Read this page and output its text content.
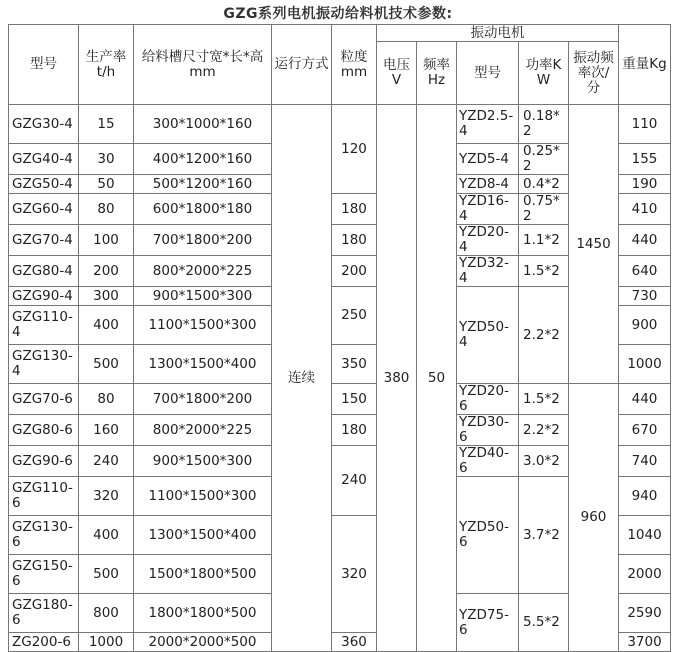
GZG系列电机振动给料机技术参数:
型号	生产率t/h	给料槽尺寸宽*长*高mm	运行方式	粒度mm	振动电机					重量Kg
					电压V	频率Hz	型号	功率KW	振动频率次/分	
GZG30-4	15	300*1000*160	连续	120	380	50	YZD2.5-4	0.18*2	1450	110
GZG40-4	30	400*1200*160					YZD5-4	0.25*2		155
GZG50-4	50	500*1200*160					YZD8-4	0.4*2		190
GZG60-4	80	600*1800*180		180			YZD16-4	0.75*2		410
GZG70-4	100	700*1800*200		180			YZD20-4	1.1*2		440
GZG80-4	200	800*2000*225		200			YZD32-4	1.5*2		640
GZG90-4	300	900*1500*300		250			YZD50-4	2.2*2		730
GZG110-4	400	1100*1500*300								900
GZG130-4	500	1300*1500*400		350						1000
GZG70-6	80	700*1800*200		150			YZD20-6	1.5*2	960	440
GZG80-6	160	800*2000*225		180			YZD30-6	2.2*2		670
GZG90-6	240	900*1500*300		240			YZD40-6	3.0*2		740
GZG110-6	320	1100*1500*300					YZD50-6	3.7*2		940
GZG130-6	400	1300*1500*400		320						1040
GZG150-6	500	1500*1800*500								2000
GZG180-6	800	1800*1800*500					YZD75-6	5.5*2		2590
ZG200-6	1000	2000*2000*500		360						3700
